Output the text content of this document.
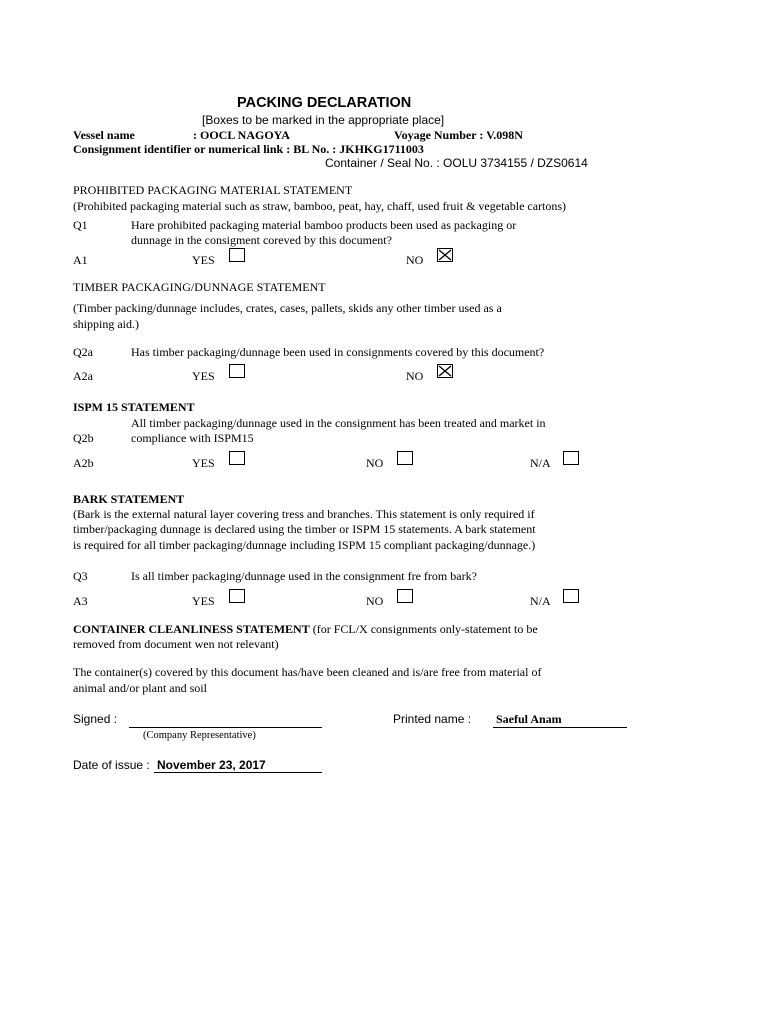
PACKING DECLARATION
[Boxes to be marked in the appropriate place]
Vessel name	: OOCL NAGOYA	Voyage Number : V.098N
Consignment identifier or numerical link : BL No. : JKHKG1711003
Container / Seal No. : OOLU 3734155 / DZS0614
PROHIBITED PACKAGING MATERIAL STATEMENT
(Prohibited packaging material such as straw, bamboo, peat, hay, chaff, used fruit & vegetable cartons)
Q1	Hare prohibited packaging material bamboo products been used as packaging or
dunnage in the consigment coreved by this document?
A1	YES	NO
TIMBER PACKAGING/DUNNAGE STATEMENT
(Timber packing/dunnage includes, crates, cases, pallets, skids any other timber used as a
shipping aid.)
Q2a	Has timber packaging/dunnage been used in consignments covered by this document?
A2a	YES	NO
ISPM 15 STATEMENT
All timber packaging/dunnage used in the consignment has been treated and market in
Q2b	compliance with ISPM15
A2b	YES	NO	N/A
BARK STATEMENT
(Bark is the external natural layer covering tress and branches. This statement is only required if
timber/packaging dunnage is declared using the timber or ISPM 15 statements. A bark statement
is required for all timber packaging/dunnage including ISPM 15 compliant packaging/dunnage.)
Q3	Is all timber packaging/dunnage used in the consignment fre from bark?
A3	YES	NO	N/A
CONTAINER CLEANLINESS STATEMENT (for FCL/X consignments only-statement to be
removed from document wen not relevant)
The container(s) covered by this document has/have been cleaned and is/are free from material of
animal and/or plant and soil
Signed :
(Company Representative)
Printed name : Saeful Anam
Date of issue : November 23, 2017
